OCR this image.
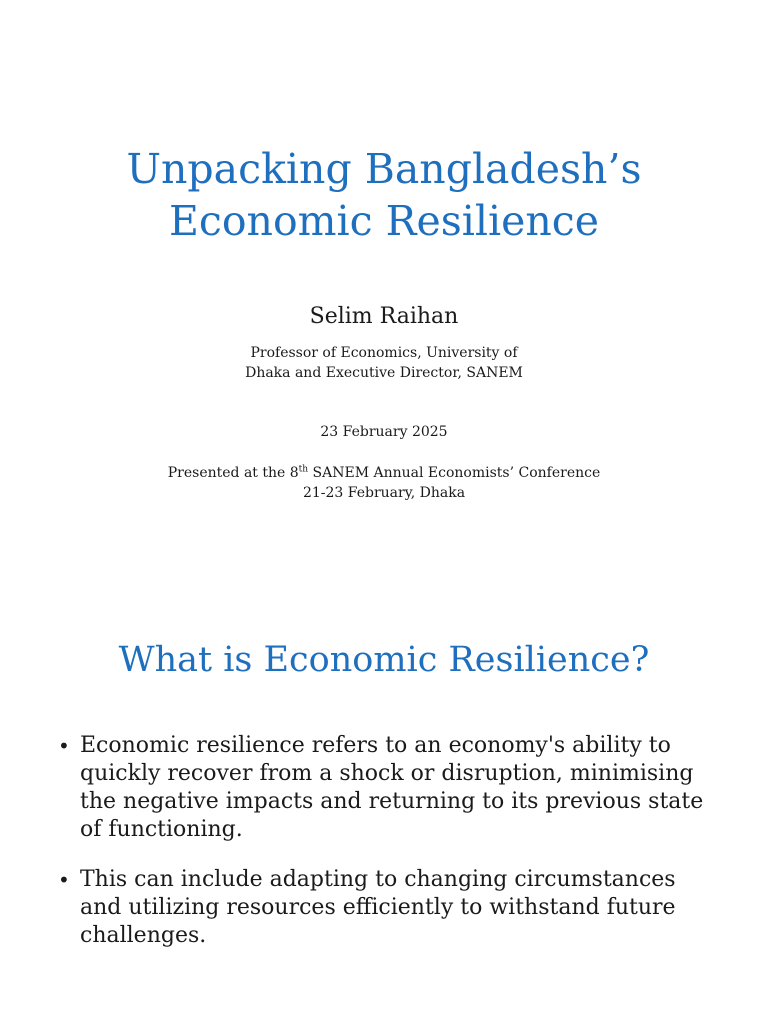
Unpacking Bangladesh’s
Economic Resilience
Selim Raihan
Professor of Economics, University of
Dhaka and Executive Director, SANEM
23 February 2025
Presented at the 8th SANEM Annual Economists’ Conference
21-23 February, Dhaka
What is Economic Resilience?
• Economic resilience refers to an economy's ability to quickly recover from a shock or disruption, minimising the negative impacts and returning to its previous state of functioning.
• This can include adapting to changing circumstances and utilizing resources efficiently to withstand future challenges.
